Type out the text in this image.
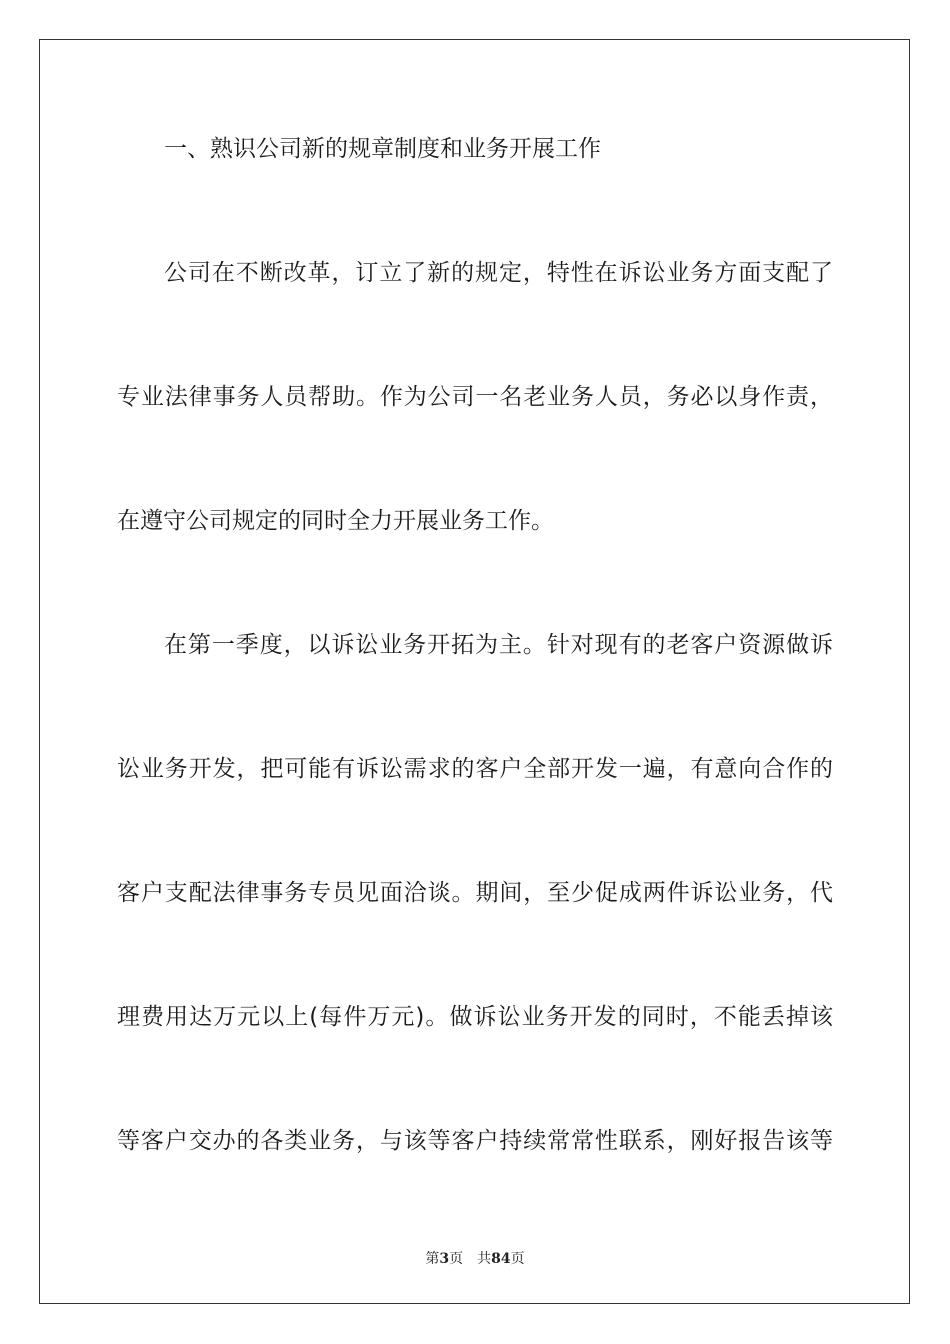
一、熟识公司新的规章制度和业务开展工作
公司在不断改革，订立了新的规定，特性在诉讼业务方面支配了
专业法律事务人员帮助。作为公司一名老业务人员，务必以身作责，
在遵守公司规定的同时全力开展业务工作。
在第一季度，以诉讼业务开拓为主。针对现有的老客户资源做诉
讼业务开发，把可能有诉讼需求的客户全部开发一遍，有意向合作的
客户支配法律事务专员见面洽谈。期间，至少促成两件诉讼业务，代
理费用达万元以上(每件万元)。做诉讼业务开发的同时，不能丢掉该
等客户交办的各类业务，与该等客户持续常常性联系，刚好报告该等
第3页 共84页
